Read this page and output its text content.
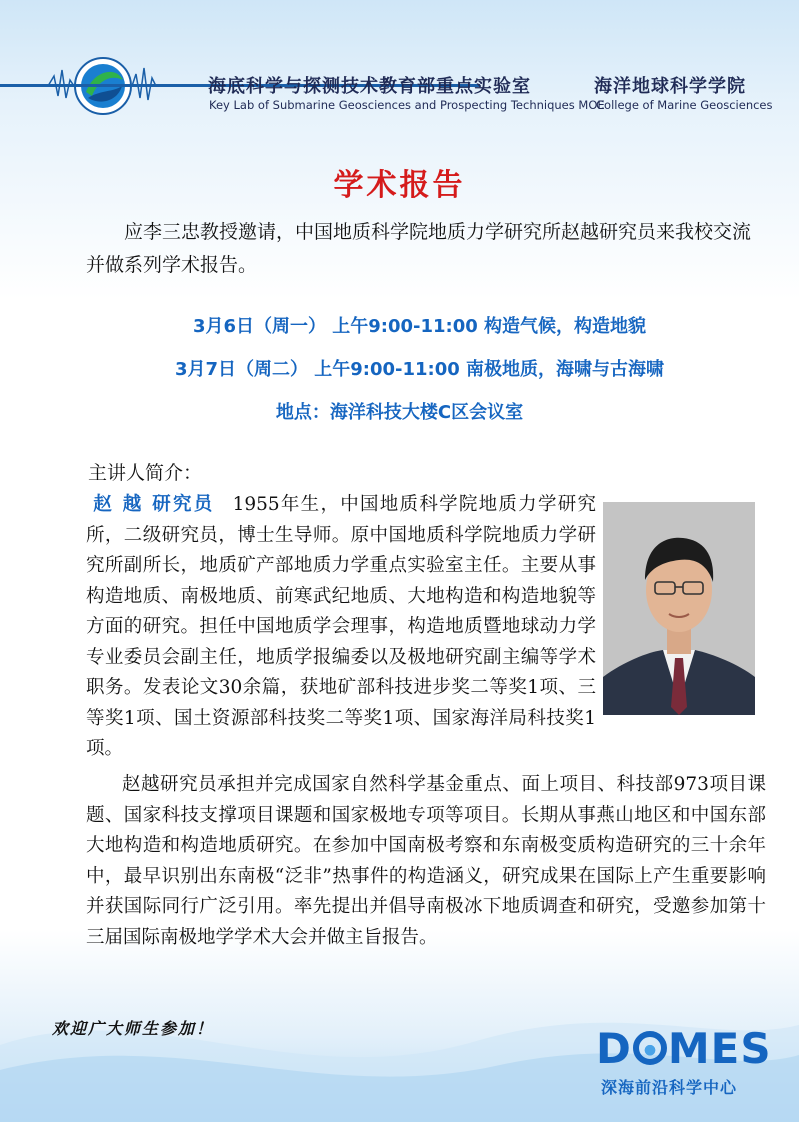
海底科学与探测技术教育部重点实验室
Key Lab of Submarine Geosciences and Prospecting Techniques MOE
海洋地球科学学院
College of Marine Geosciences
学术报告
应李三忠教授邀请，中国地质科学院地质力学研究所赵越研究员来我校交流并做系列学术报告。
3月6日（周一） 上午9:00-11:00 构造气候，构造地貌
3月7日（周二） 上午9:00-11:00 南极地质，海啸与古海啸
地点：海洋科技大楼C区会议室
主讲人简介：
赵 越 研究员 1955年生，中国地质科学院地质力学研究所，二级研究员，博士生导师。原中国地质科学院地质力学研究所副所长，地质矿产部地质力学重点实验室主任。主要从事构造地质、南极地质、前寒武纪地质、大地构造和构造地貌等方面的研究。担任中国地质学会理事，构造地质暨地球动力学专业委员会副主任，地质学报编委以及极地研究副主编等学术职务。发表论文30余篇，获地矿部科技进步奖二等奖1项、三等奖1项、国土资源部科技奖二等奖1项、国家海洋局科技奖1项。
赵越研究员承担并完成国家自然科学基金重点、面上项目、科技部973项目课题、国家科技支撑项目课题和国家极地专项等项目。长期从事燕山地区和中国东部大地构造和构造地质研究。在参加中国南极考察和东南极变质构造研究的三十余年中，最早识别出东南极“泛非”热事件的构造涵义，研究成果在国际上产生重要影响并获国际同行广泛引用。率先提出并倡导南极冰下地质调查和研究，受邀参加第十三届国际南极地学学术大会并做主旨报告。
欢迎广大师生参加！	D MES
深海前沿科学中心
